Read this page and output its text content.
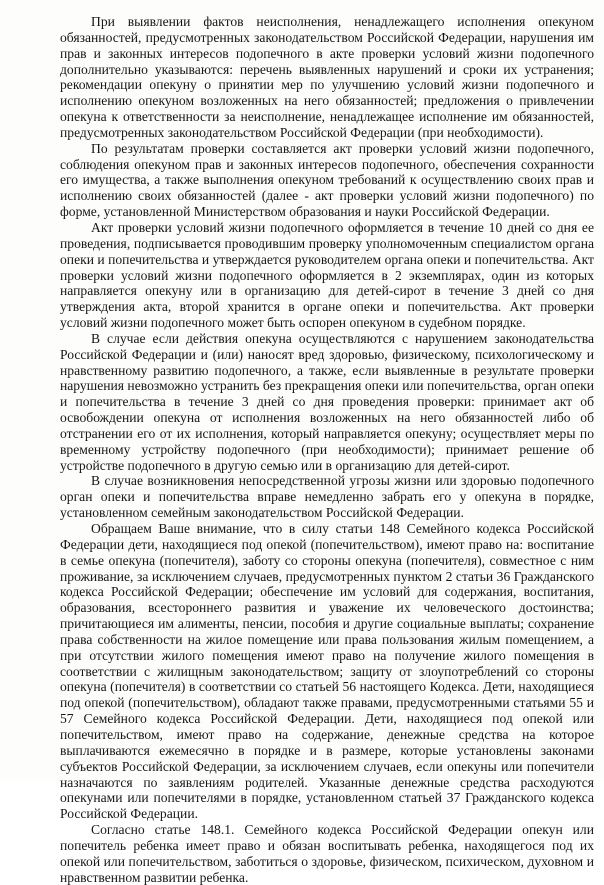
При выявлении фактов неисполнения, ненадлежащего исполнения опекуном обязанностей, предусмотренных законодательством Российской Федерации, нарушения им прав и законных интересов подопечного в акте проверки условий жизни подопечного дополнительно указываются: перечень выявленных нарушений и сроки их устранения; рекомендации опекуну о принятии мер по улучшению условий жизни подопечного и исполнению опекуном возложенных на него обязанностей; предложения о привлечении опекуна к ответственности за неисполнение, ненадлежащее исполнение им обязанностей, предусмотренных законодательством Российской Федерации (при необходимости).

По результатам проверки составляется акт проверки условий жизни подопечного, соблюдения опекуном прав и законных интересов подопечного, обеспечения сохранности его имущества, а также выполнения опекуном требований к осуществлению своих прав и исполнению своих обязанностей (далее - акт проверки условий жизни подопечного) по форме, установленной Министерством образования и науки Российской Федерации.

Акт проверки условий жизни подопечного оформляется в течение 10 дней со дня ее проведения, подписывается проводившим проверку уполномоченным специалистом органа опеки и попечительства и утверждается руководителем органа опеки и попечительства. Акт проверки условий жизни подопечного оформляется в 2 экземплярах, один из которых направляется опекуну или в организацию для детей-сирот в течение 3 дней со дня утверждения акта, второй хранится в органе опеки и попечительства. Акт проверки условий жизни подопечного может быть оспорен опекуном в судебном порядке.

В случае если действия опекуна осуществляются с нарушением законодательства Российской Федерации и (или) наносят вред здоровью, физическому, психологическому и нравственному развитию подопечного, а также, если выявленные в результате проверки нарушения невозможно устранить без прекращения опеки или попечительства, орган опеки и попечительства в течение 3 дней со дня проведения проверки: принимает акт об освобождении опекуна от исполнения возложенных на него обязанностей либо об отстранении его от их исполнения, который направляется опекуну; осуществляет меры по временному устройству подопечного (при необходимости); принимает решение об устройстве подопечного в другую семью или в организацию для детей-сирот.

В случае возникновения непосредственной угрозы жизни или здоровью подопечного орган опеки и попечительства вправе немедленно забрать его у опекуна в порядке, установленном семейным законодательством Российской Федерации.

Обращаем Ваше внимание, что в силу статьи 148 Семейного кодекса Российской Федерации дети, находящиеся под опекой (попечительством), имеют право на: воспитание в семье опекуна (попечителя), заботу со стороны опекуна (попечителя), совместное с ним проживание, за исключением случаев, предусмотренных пунктом 2 статьи 36 Гражданского кодекса Российской Федерации; обеспечение им условий для содержания, воспитания, образования, всестороннего развития и уважение их человеческого достоинства; причитающиеся им алименты, пенсии, пособия и другие социальные выплаты; сохранение права собственности на жилое помещение или права пользования жилым помещением, а при отсутствии жилого помещения имеют право на получение жилого помещения в соответствии с жилищным законодательством; защиту от злоупотреблений со стороны опекуна (попечителя) в соответствии со статьей 56 настоящего Кодекса. Дети, находящиеся под опекой (попечительством), обладают также правами, предусмотренными статьями 55 и 57 Семейного кодекса Российской Федерации. Дети, находящиеся под опекой или попечительством, имеют право на содержание, денежные средства на которое выплачиваются ежемесячно в порядке и в размере, которые установлены законами субъектов Российской Федерации, за исключением случаев, если опекуны или попечители назначаются по заявлениям родителей. Указанные денежные средства расходуются опекунами или попечителями в порядке, установленном статьей 37 Гражданского кодекса Российской Федерации.

Согласно статье 148.1. Семейного кодекса Российской Федерации опекун или попечитель ребенка имеет право и обязан воспитывать ребенка, находящегося под их опекой или попечительством, заботиться о здоровье, физическом, психическом, духовном и нравственном развитии ребенка.
